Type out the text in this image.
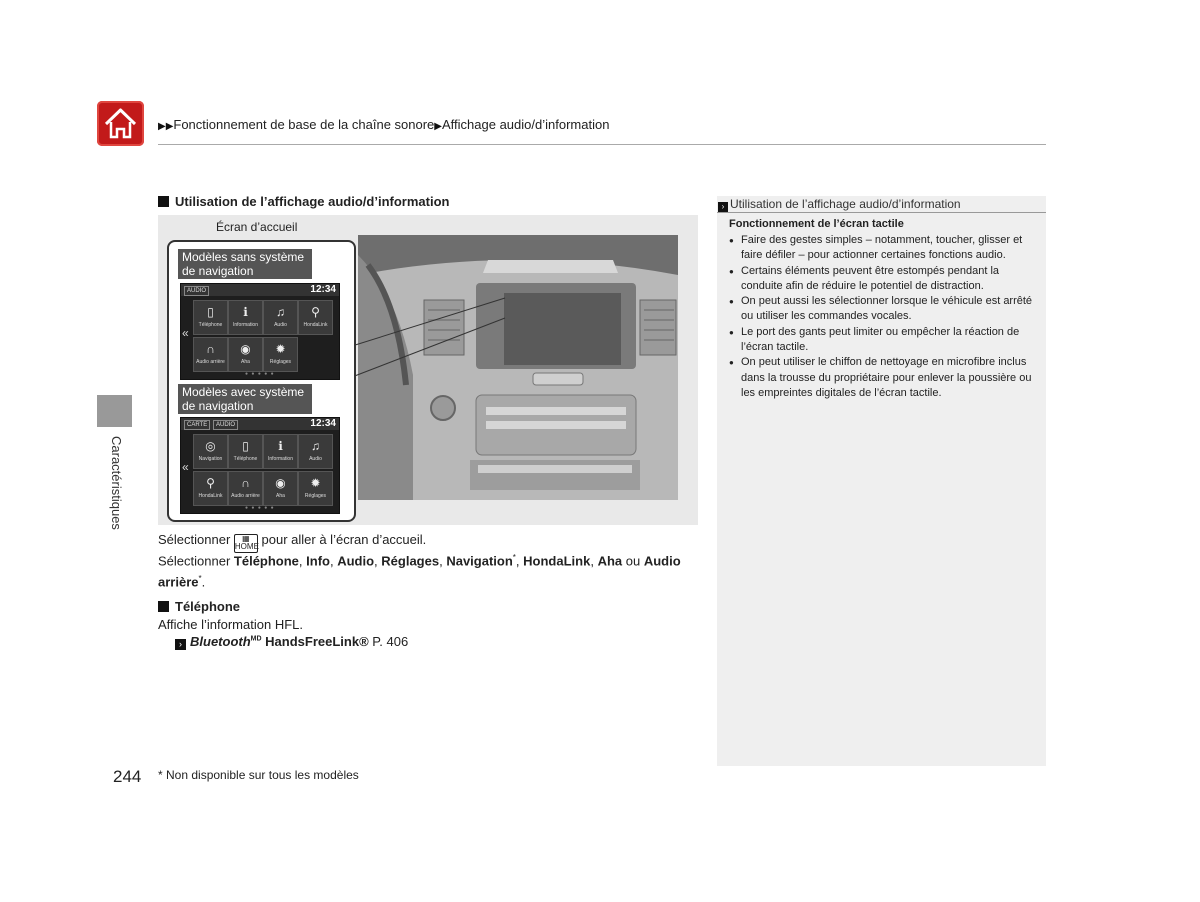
▶▶Fonctionnement de base de la chaîne sonore▶Affichage audio/d’information
Caractéristiques
Utilisation de l’affichage audio/d’information
Écran d’accueil
Modèles sans système de navigation
Modèles avec système de navigation
AUDIO	12:34
«
▯
Téléphone
ℹ
Information
♫
Audio
⚲
HondaLink
∩
Audio arrière
◉
Aha
✹
Réglages
● ● ● ● ●
CARTE	AUDIO	12:34
«
◎
Navigation
▯
Téléphone
ℹ
Information
♫
Audio
⚲
HondaLink
∩
Audio arrière
◉
Aha
✹
Réglages
● ● ● ● ●
Sélectionner ▦
HOME pour aller à l’écran d’accueil.
Sélectionner Téléphone, Info, Audio, Réglages, Navigation*, HondaLink, Aha ou Audio arrière*.
Téléphone
Affiche l’information HFL.
› Bluetooth$^{MD}$ HandsFreeLink® P. 406
› Utilisation de l’affichage audio/d’information
Fonctionnement de l’écran tactile
● Faire des gestes simples – notamment, toucher, glisser et faire défiler – pour actionner certaines fonctions audio.
● Certains éléments peuvent être estompés pendant la conduite afin de réduire le potentiel de distraction.
● On peut aussi les sélectionner lorsque le véhicule est arrêté ou utiliser les commandes vocales.
● Le port des gants peut limiter ou empêcher la réaction de l’écran tactile.
● On peut utiliser le chiffon de nettoyage en microfibre inclus dans la trousse du propriétaire pour enlever la poussière ou les empreintes digitales de l’écran tactile.
244 * Non disponible sur tous les modèles
